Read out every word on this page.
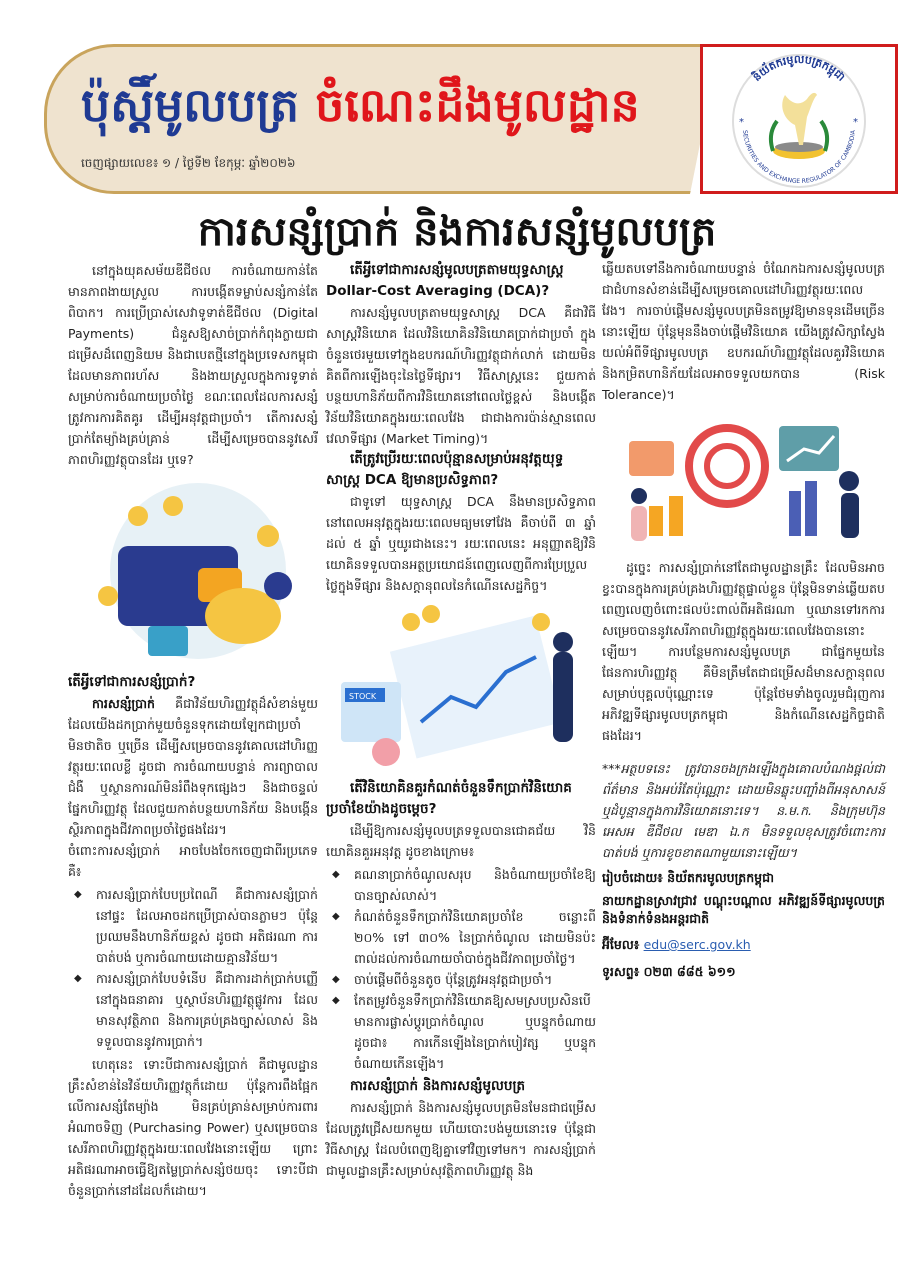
ប៉ុស្តិ៍មូលបត្រ ចំណេះដឹងមូលដ្ឋាន
ចេញផ្សាយលេខ៖ ១ / ថ្ងៃទី២ ខែកុម្ភៈ ឆ្នាំ២០២៦
និយ័តករមូលបត្រកម្ពុជា
SECURITIES AND EXCHANGE REGULATOR OF CAMBODIA
*	*
ការសន្សំប្រាក់ និងការសន្សំមូលបត្រ

នៅក្នុងយុគសម័យឌីជីថល ការចំណាយកាន់តែមានភាពងាយស្រួល ការបង្កើតទម្លាប់សន្សំកាន់តែពិបាក។ ការប្រើប្រាស់សេវាទូទាត់ឌីជីថល (Digital Payments) ជំនួសឱ្យសាច់ប្រាក់កំពុងក្លាយជាជម្រើសដ៏ពេញនិយម និងជាបេតថ្មីនៅក្នុងប្រទេសកម្ពុជា ដែលមានភាពរហ័ស និងងាយស្រួលក្នុងការទូទាត់សម្រាប់ការចំណាយប្រចាំថ្ងៃ ខណៈពេលដែលការសន្សំ ត្រូវការការគិតគូរ ដើម្បីអនុវត្តជាប្រចាំ។ តើការសន្សំប្រាក់តែម្យ៉ាងគ្រប់គ្រាន់ ដើម្បីសម្រេចបាននូវសេរីភាពហិរញ្ញវត្ថុបានដែរ ឬទេ?

តើអ្វីទៅជាការសន្សំប្រាក់?

ការសន្សំប្រាក់ គឺជាវិន័យហិរញ្ញវត្ថុដ៏សំខាន់មួយ ដែលយើងដកប្រាក់មួយចំនួនទុកដោយឡែកជាប្រចាំ មិនថាតិច ឬច្រើន ដើម្បីសម្រេចបាននូវគោលដៅហិរញ្ញវត្ថុរយៈពេលខ្លី ដូចជា ការចំណាយបន្ទាន់ ការព្យាបាលជំងឺ ឬស្ថានការណ៍មិនរំពឹងទុកផ្សេងៗ និងជាចន្ទល់ផ្នែកហិរញ្ញវត្ថុ ដែលជួយកាត់បន្ថយហានិភ័យ និងបង្កើនស្ថិរភាពក្នុងជីវភាពប្រចាំថ្ងៃផងដែរ។

ចំពោះការសន្សំប្រាក់ អាចបែងចែកចេញជាពីរប្រភេទ គឺ៖

◆ ការសន្សំប្រាក់បែបប្រពៃណី គឺជាការសន្សំប្រាក់នៅផ្ទះ ដែលអាចដកប្រើប្រាស់បានភ្លាមៗ ប៉ុន្តែប្រឈមនឹងហានិភ័យខ្ពស់ ដូចជា អតិផរណា ការបាត់បង់ ឬការចំណាយដោយគ្មានវិន័យ។
◆ ការសន្សំប្រាក់បែបទំនើប គឺជាការដាក់ប្រាក់បញ្ញើនៅក្នុងធនាគារ ឬស្ថាប័នហិរញ្ញវត្ថុផ្លូវការ ដែលមានសុវត្ថិភាព និងការគ្រប់គ្រងច្បាស់លាស់ និងទទួលបាននូវការប្រាក់។

ហេតុនេះ ទោះបីជាការសន្សំប្រាក់ គឺជាមូលដ្ឋានគ្រឹះសំខាន់នៃវិន័យហិរញ្ញវត្ថុក៏ដោយ ប៉ុន្តែការពឹងផ្អែកលើការសន្សំតែម្យ៉ាង មិនគ្រប់គ្រាន់សម្រាប់ការពារអំណាចទិញ (Purchasing Power) ឬសម្រេចបានសេរីភាពហិរញ្ញវត្ថុក្នុងរយៈពេលវែងនោះឡើយ ព្រោះអតិផរណាអាចធ្វើឱ្យតម្លៃប្រាក់សន្សំថយចុះ ទោះបីជា ចំនួនប្រាក់នៅដដែលក៏ដោយ។

តើអ្វីទៅជាការសន្សំមូលបត្រតាមយុទ្ធសាស្ត្រ Dollar-Cost Averaging (DCA)?

ការសន្សំមូលបត្រតាមយុទ្ធសាស្ត្រ DCA គឺជាវិធីសាស្ត្រវិនិយោគ ដែលវិនិយោគិនវិនិយោគប្រាក់ជាប្រចាំ ក្នុងចំនួនថេរមួយទៅក្នុងឧបករណ៍ហិរញ្ញវត្ថុជាក់លាក់ ដោយមិនគិតពីការឡើងចុះនៃថ្លៃទីផ្សារ។ វិធីសាស្ត្រនេះ ជួយកាត់បន្ថយហានិភ័យពីការវិនិយោគនៅពេលថ្លៃខ្ពស់ និងបង្កើតវិន័យវិនិយោគក្នុងរយៈពេលវែង ជាជាងការប៉ាន់ស្មានពេលវេលាទីផ្សារ (Market Timing)។

តើត្រូវប្រើរយៈពេលប៉ុន្មានសម្រាប់អនុវត្តយុទ្ធសាស្ត្រ DCA ឱ្យមានប្រសិទ្ធភាព?

ជាទូទៅ យុទ្ធសាស្ត្រ DCA នឹងមានប្រសិទ្ធភាពនៅពេលអនុវត្តក្នុងរយៈពេលមធ្យមទៅវែង គឺចាប់ពី ៣ ឆ្នាំ ដល់ ៥ ឆ្នាំ ឬយូរជាងនេះ។ រយៈពេលនេះ អនុញ្ញាតឱ្យវិនិយោគិនទទួលបានអត្ថប្រយោជន៍ពេញលេញពីការប្រែប្រួលថ្លៃក្នុងទីផ្សារ និងសក្តានុពលនៃកំណើនសេដ្ឋកិច្ច។

STOCK

តើវិនិយោគិនគួរកំណត់ចំនួនទឹកប្រាក់វិនិយោគប្រចាំខែយ៉ាងដូចម្តេច?

ដើម្បីឱ្យការសន្សំមូលបត្រទទួលបានជោគជ័យ វិនិយោគិនគួរអនុវត្ត ដូចខាងក្រោម៖

◆ គណនាប្រាក់ចំណូលសរុប និងចំណាយប្រចាំខែឱ្យបានច្បាស់លាស់។
◆ កំណត់ចំនួនទឹកប្រាក់វិនិយោគប្រចាំខែ ចន្លោះពី ២០% ទៅ ៣០% នៃប្រាក់ចំណូល ដោយមិនប៉ះពាល់ដល់ការចំណាយចាំបាច់ក្នុងជីវភាពប្រចាំថ្ងៃ។
◆ ចាប់ផ្តើមពីចំនួនតូច ប៉ុន្តែត្រូវអនុវត្តជាប្រចាំ។
◆ កែតម្រូវចំនួនទឹកប្រាក់វិនិយោគឱ្យសមស្របប្រសិនបើមានការផ្លាស់ប្តូរប្រាក់ចំណូល ឬបន្ទុកចំណាយ ដូចជា៖ ការកើនឡើងនៃប្រាក់បៀវត្ស ឬបន្ទុកចំណាយកើនឡើង។

ការសន្សំប្រាក់ និងការសន្សំមូលបត្រ

ការសន្សំប្រាក់ និងការសន្សំមូលបត្រមិនមែនជាជម្រើសដែលត្រូវជ្រើសយកមួយ ហើយបោះបង់មួយនោះទេ ប៉ុន្តែជាវិធីសាស្ត្រ ដែលបំពេញឱ្យគ្នាទៅវិញទៅមក។ ការសន្សំប្រាក់ជាមូលដ្ឋានគ្រឹះសម្រាប់សុវត្ថិភាពហិរញ្ញវត្ថុ និង

ឆ្លើយតបទៅនឹងការចំណាយបន្ទាន់ ចំណែកឯការសន្សំមូលបត្រ ជាជំហានសំខាន់ដើម្បីសម្រេចគោលដៅហិរញ្ញវត្ថុរយៈពេលវែង។ ការចាប់ផ្តើមសន្សំមូលបត្រមិនតម្រូវឱ្យមានទុនដើមច្រើននោះឡើយ ប៉ុន្តែមុននឹងចាប់ផ្តើមវិនិយោគ យើងត្រូវសិក្សាស្វែងយល់អំពីទីផ្សារមូលបត្រ ឧបករណ៍ហិរញ្ញវត្ថុដែលគួរវិនិយោគ និងកម្រិតហានិភ័យដែលអាចទទួលយកបាន (Risk Tolerance)។

ដូច្នេះ ការសន្សំប្រាក់នៅតែជាមូលដ្ឋានគ្រឹះ ដែលមិនអាចខ្វះបានក្នុងការគ្រប់គ្រងហិរញ្ញវត្ថុផ្ទាល់ខ្លួន ប៉ុន្តែមិនទាន់ឆ្លើយតបពេញលេញចំពោះផលប៉ះពាល់ពីអតិផរណា ឬឈានទៅរកការសម្រេចបាននូវសេរីភាពហិរញ្ញវត្ថុក្នុងរយៈពេលវែងបាននោះឡើយ។ ការបន្ថែមការសន្សំមូលបត្រ ជាផ្នែកមួយនៃផែនការហិរញ្ញវត្ថុ គឺមិនត្រឹមតែជាជម្រើសដ៏មានសក្តានុពលសម្រាប់បុគ្គលប៉ុណ្ណោះទេ ប៉ុន្តែថែមទាំងចូលរួមជំរុញការអភិវឌ្ឍទីផ្សារមូលបត្រកម្ពុជា និងកំណើនសេដ្ឋកិច្ចជាតិ ផងដែរ។

***អត្ថបទនេះ ត្រូវបានចងក្រងឡើងក្នុងគោលបំណងផ្តល់ជាព័ត៌មាន និងអប់រំតែប៉ុណ្ណោះ ដោយមិនឆ្លុះបញ្ចាំងពីអនុសាសន៍ ឬដំបូន្មានក្នុងការវិនិយោគនោះទេ។ ន.ម.ក. និងក្រុមហ៊ុន អេសអ ឌីជីថល មេឌា ឯ.ក មិនទទួលខុសត្រូវចំពោះការបាត់បង់ ឬការខូចខាតណាមួយនោះឡើយ។

រៀបចំដោយ៖ និយ័តករមូលបត្រកម្ពុជា

នាយកដ្ឋានស្រាវជ្រាវ បណ្តុះបណ្តាល អភិវឌ្ឍន៍ទីផ្សារមូលបត្រ និងទំនាក់ទំនងអន្តរជាតិ

អ៊ីមែល៖ edu@serc.gov.kh

ទូរសព្ទ៖ ០២៣ ៨៨៥ ៦១១
